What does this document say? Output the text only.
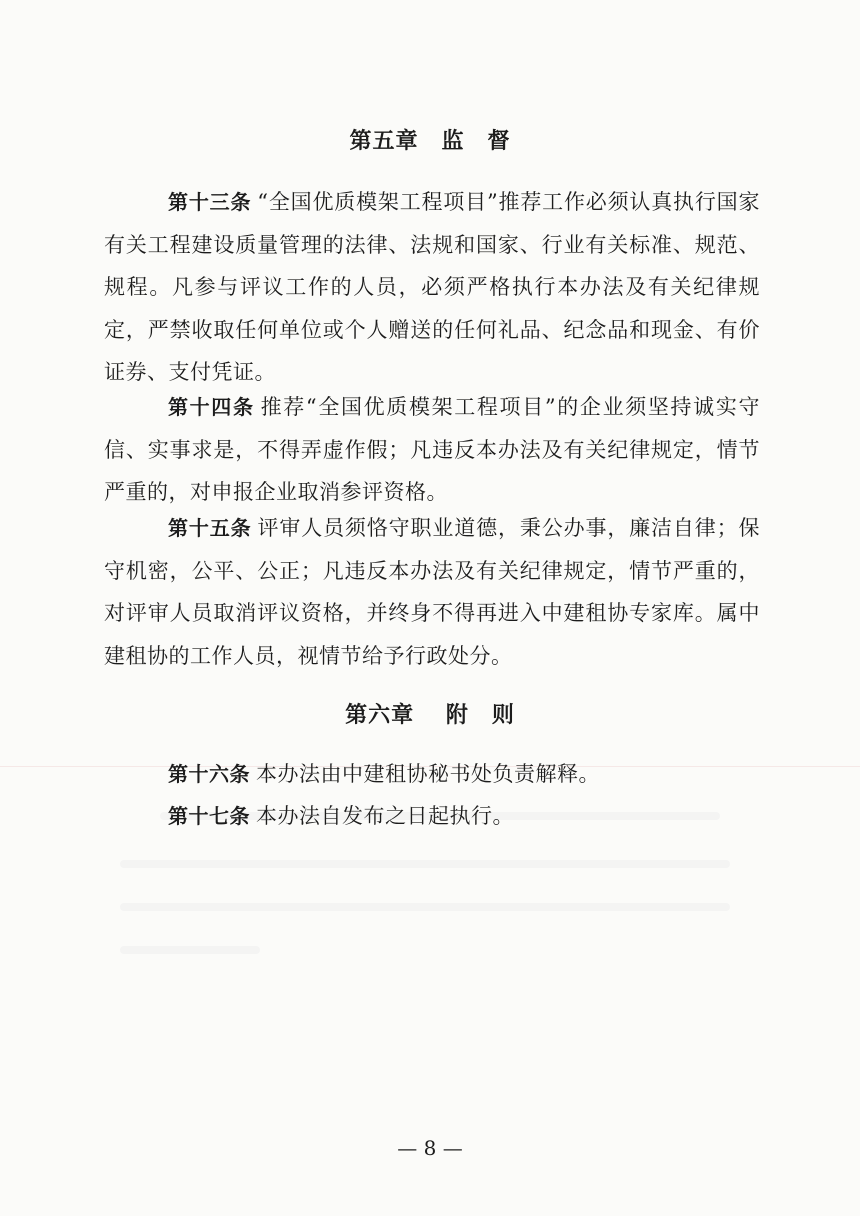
第五章　监　督

第十三条 “全国优质模架工程项目”推荐工作必须认真执行国家有关工程建设质量管理的法律、法规和国家、行业有关标准、规范、规程。凡参与评议工作的人员，必须严格执行本办法及有关纪律规定，严禁收取任何单位或个人赠送的任何礼品、纪念品和现金、有价证券、支付凭证。

第十四条 推荐“全国优质模架工程项目”的企业须坚持诚实守信、实事求是，不得弄虚作假；凡违反本办法及有关纪律规定，情节严重的，对申报企业取消参评资格。

第十五条 评审人员须恪守职业道德，秉公办事，廉洁自律；保守机密，公平、公正；凡违反本办法及有关纪律规定，情节严重的，对评审人员取消评议资格，并终身不得再进入中建租协专家库。属中建租协的工作人员，视情节给予行政处分。

第六章　 附　则

第十六条 本办法由中建租协秘书处负责解释。

第十七条 本办法自发布之日起执行。

— 8 —
